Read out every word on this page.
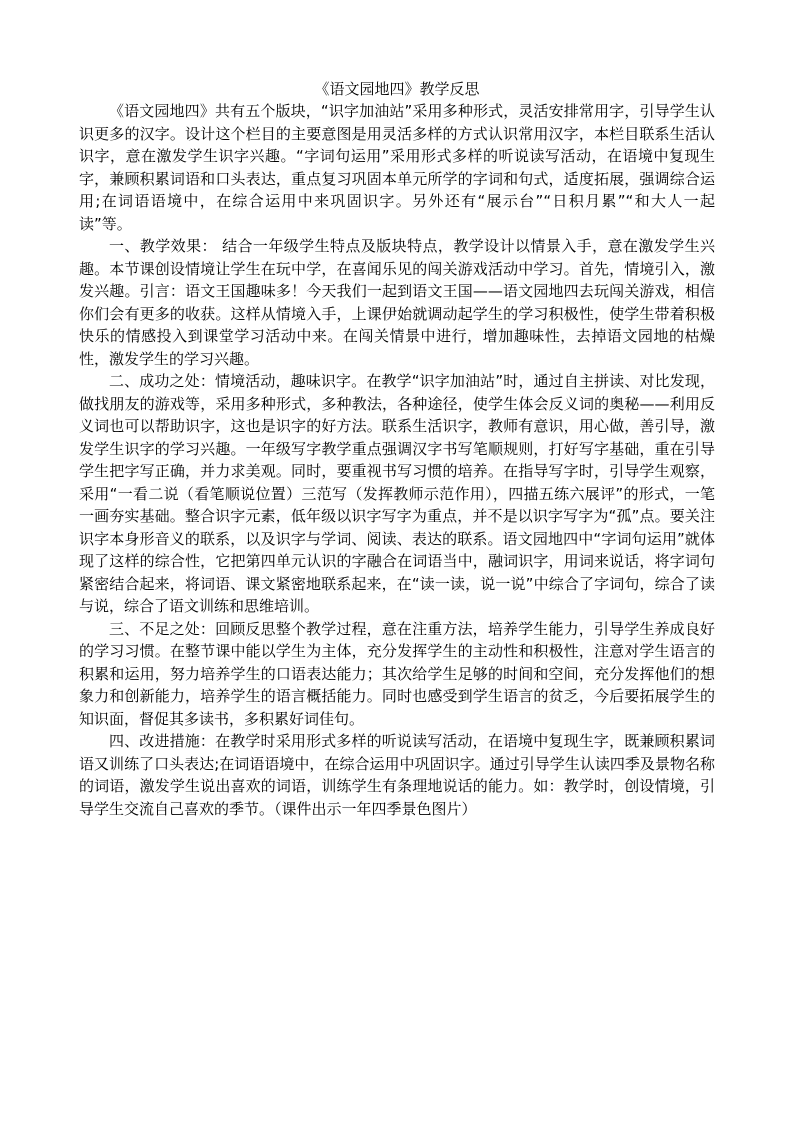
《语文园地四》教学反思

《语文园地四》共有五个版块，“识字加油站”采用多种形式，灵活安排常用字，引导学生认识更多的汉字。设计这个栏目的主要意图是用灵活多样的方式认识常用汉字，本栏目联系生活认识字，意在激发学生识字兴趣。“字词句运用”采用形式多样的听说读写活动，在语境中复现生字，兼顾积累词语和口头表达，重点复习巩固本单元所学的字词和句式，适度拓展，强调综合运用;在词语语境中，在综合运用中来巩固识字。另外还有“展示台”“日积月累”“和大人一起读”等。

一、教学效果： 结合一年级学生特点及版块特点，教学设计以情景入手，意在激发学生兴趣。本节课创设情境让学生在玩中学，在喜闻乐见的闯关游戏活动中学习。首先，情境引入，激发兴趣。引言：语文王国趣味多！今天我们一起到语文王国——语文园地四去玩闯关游戏，相信你们会有更多的收获。这样从情境入手，上课伊始就调动起学生的学习积极性，使学生带着积极快乐的情感投入到课堂学习活动中来。在闯关情景中进行，增加趣味性，去掉语文园地的枯燥性，激发学生的学习兴趣。

二、成功之处：情境活动，趣味识字。在教学“识字加油站”时，通过自主拼读、对比发现，做找朋友的游戏等，采用多种形式，多种教法，各种途径，使学生体会反义词的奥秘——利用反义词也可以帮助识字，这也是识字的好方法。联系生活识字，教师有意识，用心做，善引导，激发学生识字的学习兴趣。一年级写字教学重点强调汉字书写笔顺规则，打好写字基础，重在引导学生把字写正确，并力求美观。同时，要重视书写习惯的培养。在指导写字时，引导学生观察，采用“一看二说（看笔顺说位置）三范写（发挥教师示范作用），四描五练六展评”的形式，一笔一画夯实基础。整合识字元素，低年级以识字写字为重点，并不是以识字写字为“孤”点。要关注识字本身形音义的联系，以及识字与学词、阅读、表达的联系。语文园地四中“字词句运用”就体现了这样的综合性，它把第四单元认识的字融合在词语当中，融词识字，用词来说话，将字词句紧密结合起来，将词语、课文紧密地联系起来，在“读一读，说一说”中综合了字词句，综合了读与说，综合了语文训练和思维培训。

三、不足之处：回顾反思整个教学过程，意在注重方法，培养学生能力，引导学生养成良好的学习习惯。在整节课中能以学生为主体，充分发挥学生的主动性和积极性，注意对学生语言的积累和运用，努力培养学生的口语表达能力；其次给学生足够的时间和空间，充分发挥他们的想象力和创新能力，培养学生的语言概括能力。同时也感受到学生语言的贫乏，今后要拓展学生的知识面，督促其多读书，多积累好词佳句。

四、改进措施：在教学时采用形式多样的听说读写活动，在语境中复现生字，既兼顾积累词语又训练了口头表达;在词语语境中，在综合运用中巩固识字。通过引导学生认读四季及景物名称的词语，激发学生说出喜欢的词语，训练学生有条理地说话的能力。如：教学时，创设情境，引导学生交流自己喜欢的季节。（课件出示一年四季景色图片）
